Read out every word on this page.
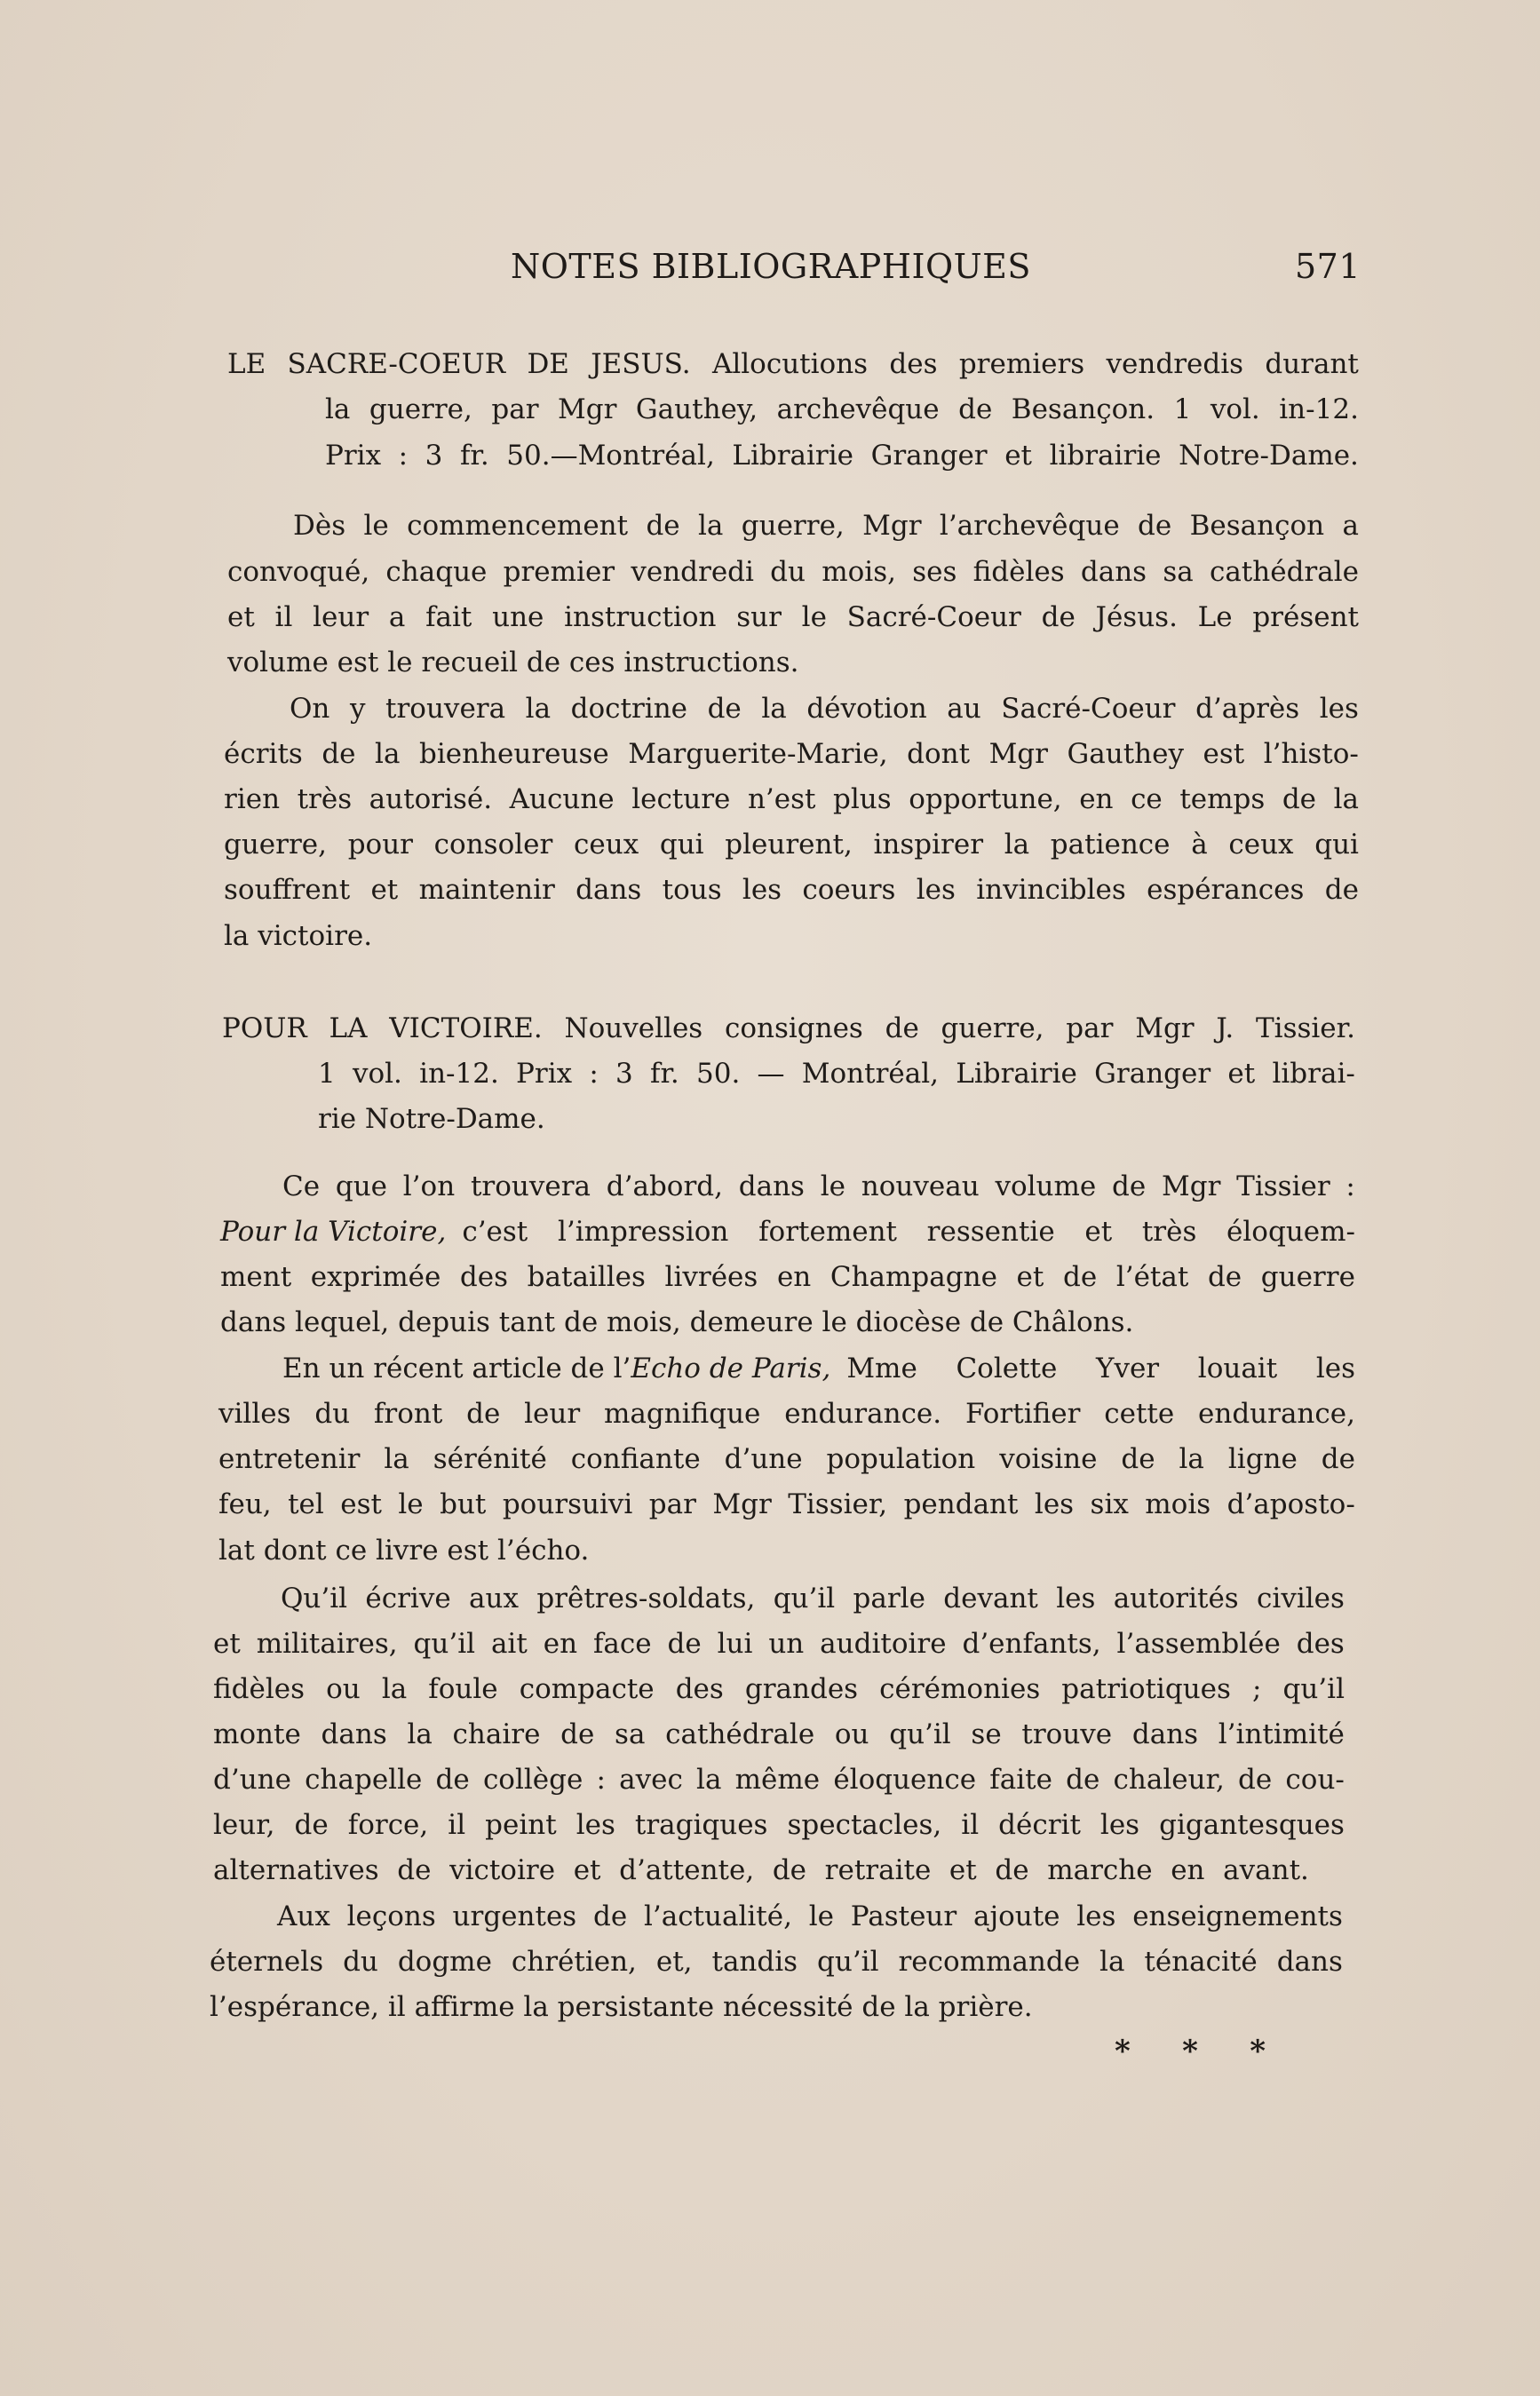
NOTES BIBLIOGRAPHIQUES	571
LE SACRE-COEUR DE JESUS. Allocutions des premiers vendredis durant
la guerre, par Mgr Gauthey, archevêque de Besançon. 1 vol. in-12.
Prix : 3 fr. 50.—Montréal, Librairie Granger et librairie Notre-Dame.
Dès le commencement de la guerre, Mgr l’archevêque de Besançon a
convoqué, chaque premier vendredi du mois, ses fidèles dans sa cathédrale
et il leur a fait une instruction sur le Sacré-Coeur de Jésus. Le présent
volume est le recueil de ces instructions.
On y trouvera la doctrine de la dévotion au Sacré-Coeur d’après les
écrits de la bienheureuse Marguerite-Marie, dont Mgr Gauthey est l’histo-
rien très autorisé. Aucune lecture n’est plus opportune, en ce temps de la
guerre, pour consoler ceux qui pleurent, inspirer la patience à ceux qui
souffrent et maintenir dans tous les coeurs les invincibles espérances de
la victoire.
POUR LA VICTOIRE. Nouvelles consignes de guerre, par Mgr J. Tissier.
1 vol. in-12. Prix : 3 fr. 50. — Montréal, Librairie Granger et librai-
rie Notre-Dame.
Ce que l’on trouvera d’abord, dans le nouveau volume de Mgr Tissier :
Pour la Victoire, c’est l’impression fortement ressentie et très éloquem-
ment exprimée des batailles livrées en Champagne et de l’état de guerre
dans lequel, depuis tant de mois, demeure le diocèse de Châlons.
En un récent article de l’ Echo de Paris, Mme Colette Yver louait les
villes du front de leur magnifique endurance. Fortifier cette endurance,
entretenir la sérénité confiante d’une population voisine de la ligne de
feu, tel est le but poursuivi par Mgr Tissier, pendant les six mois d’aposto-
lat dont ce livre est l’écho.
Qu’il écrive aux prêtres-soldats, qu’il parle devant les autorités civiles
et militaires, qu’il ait en face de lui un auditoire d’enfants, l’assemblée des
fidèles ou la foule compacte des grandes cérémonies patriotiques ; qu’il
monte dans la chaire de sa cathédrale ou qu’il se trouve dans l’intimité
d’une chapelle de collège : avec la même éloquence faite de chaleur, de cou-
leur, de force, il peint les tragiques spectacles, il décrit les gigantesques
alternatives de victoire et d’attente, de retraite et de marche en avant.
Aux leçons urgentes de l’actualité, le Pasteur ajoute les enseignements
éternels du dogme chrétien, et, tandis qu’il recommande la ténacité dans
l’espérance, il affirme la persistante nécessité de la prière.
* * *
